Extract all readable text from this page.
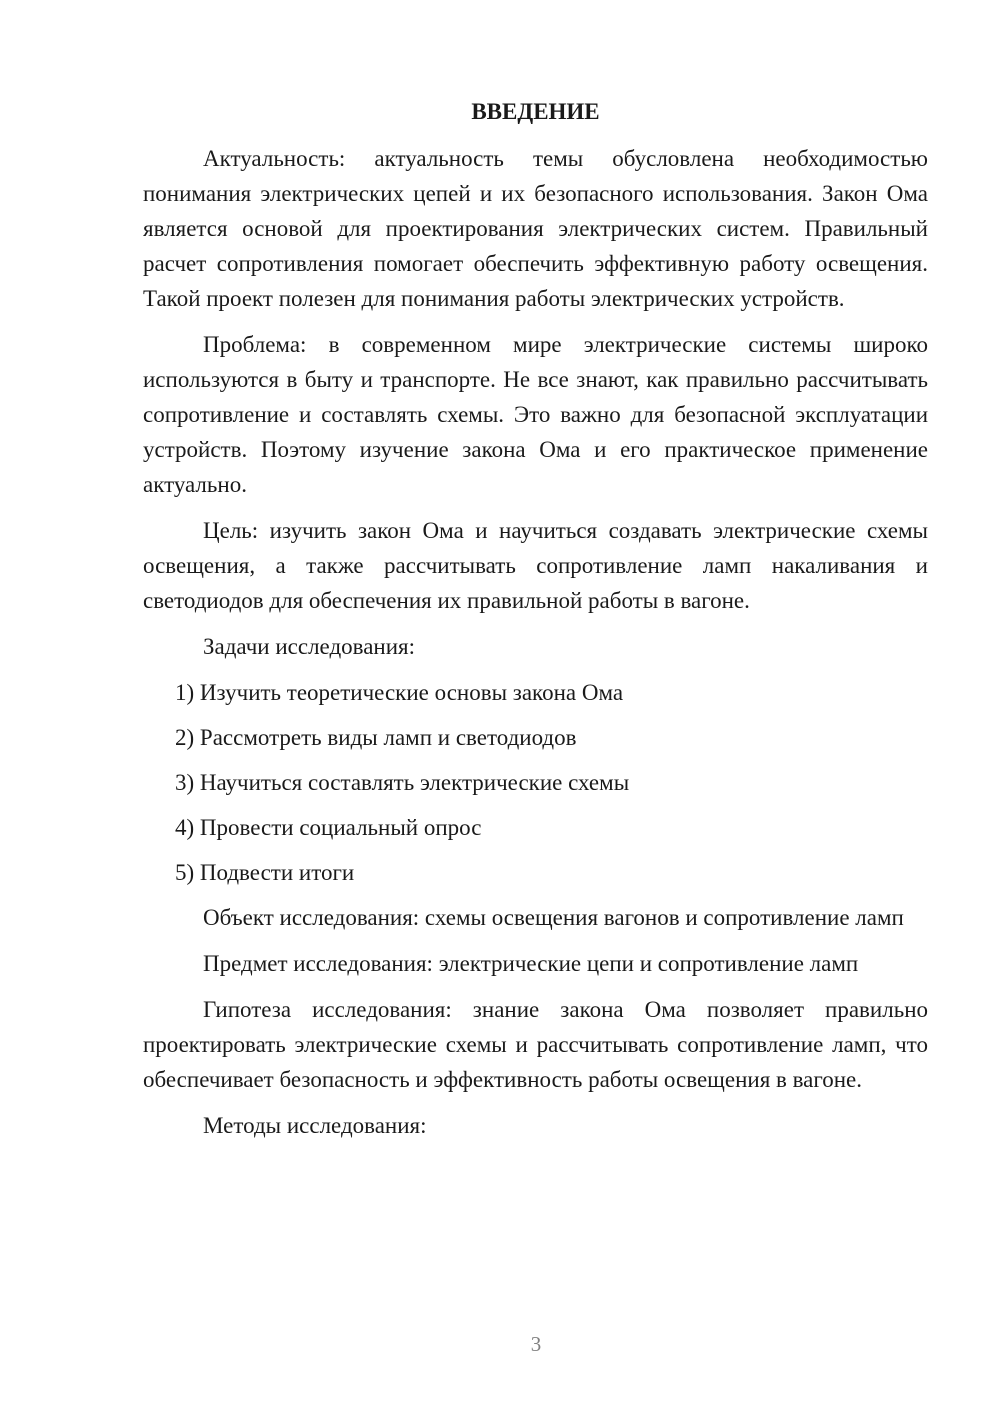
ВВЕДЕНИЕ

Актуальность: актуальность темы обусловлена необходимостью понимания электрических цепей и их безопасного использования. Закон Ома является основой для проектирования электрических систем. Правильный расчет сопротивления помогает обеспечить эффективную работу освещения. Такой проект полезен для понимания работы электрических устройств.

Проблема: в современном мире электрические системы широко используются в быту и транспорте. Не все знают, как правильно рассчитывать сопротивление и составлять схемы. Это важно для безопасной эксплуатации устройств. Поэтому изучение закона Ома и его практическое применение актуально.

Цель: изучить закон Ома и научиться создавать электрические схемы освещения, а также рассчитывать сопротивление ламп накаливания и светодиодов для обеспечения их правильной работы в вагоне.

Задачи исследования:

1) Изучить теоретические основы закона Ома
2) Рассмотреть виды ламп и светодиодов
3) Научиться составлять электрические схемы
4) Провести социальный опрос
5) Подвести итоги

Объект исследования: схемы освещения вагонов и сопротивление ламп

Предмет исследования: электрические цепи и сопротивление ламп

Гипотеза исследования: знание закона Ома позволяет правильно проектировать электрические схемы и рассчитывать сопротивление ламп, что обеспечивает безопасность и эффективность работы освещения в вагоне.

Методы исследования:

3
